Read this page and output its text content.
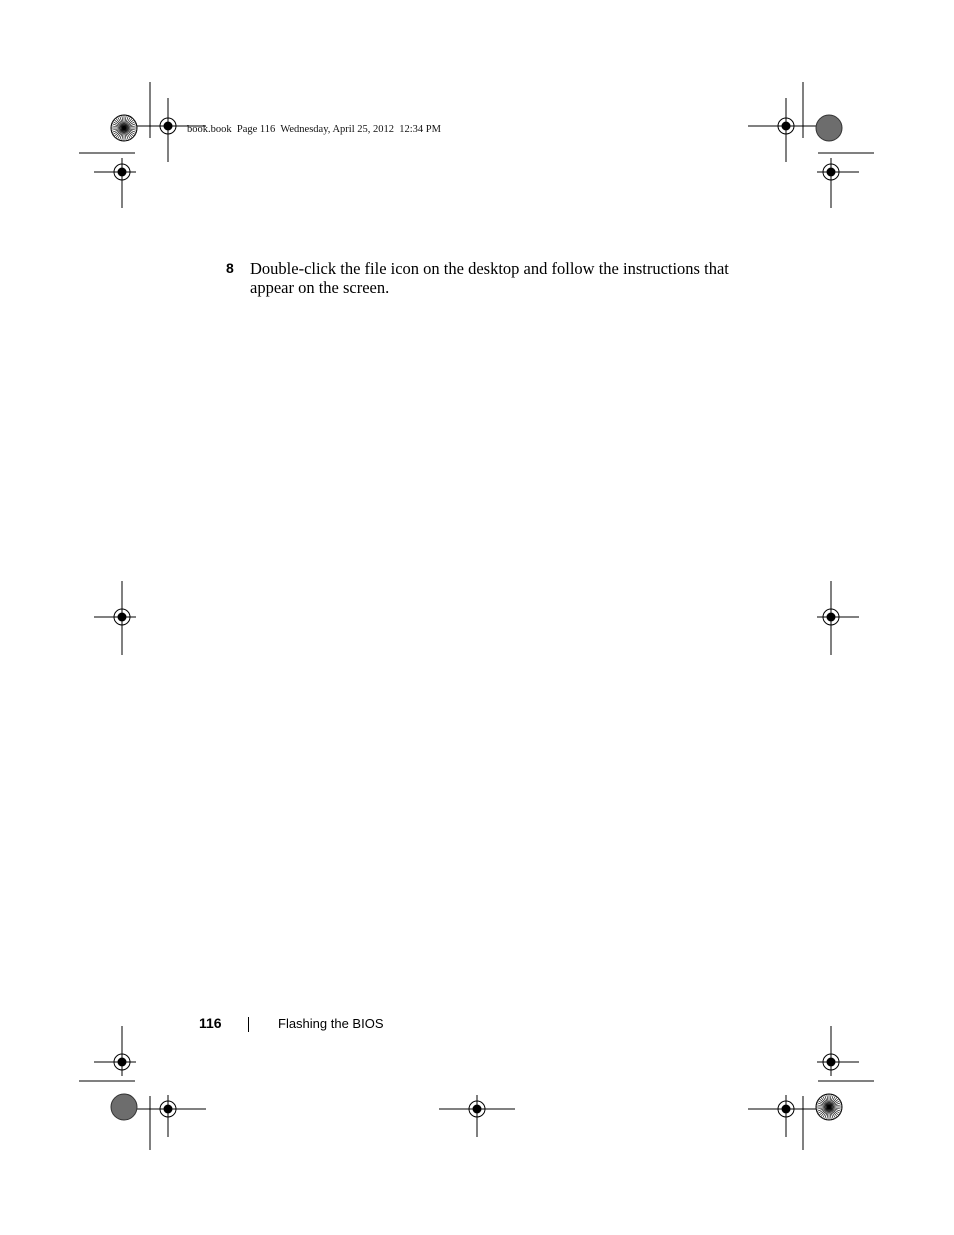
book.book  Page 116  Wednesday, April 25, 2012  12:34 PM
8 Double-click the file icon on the desktop and follow the instructions that appear on the screen.
116	Flashing the BIOS
